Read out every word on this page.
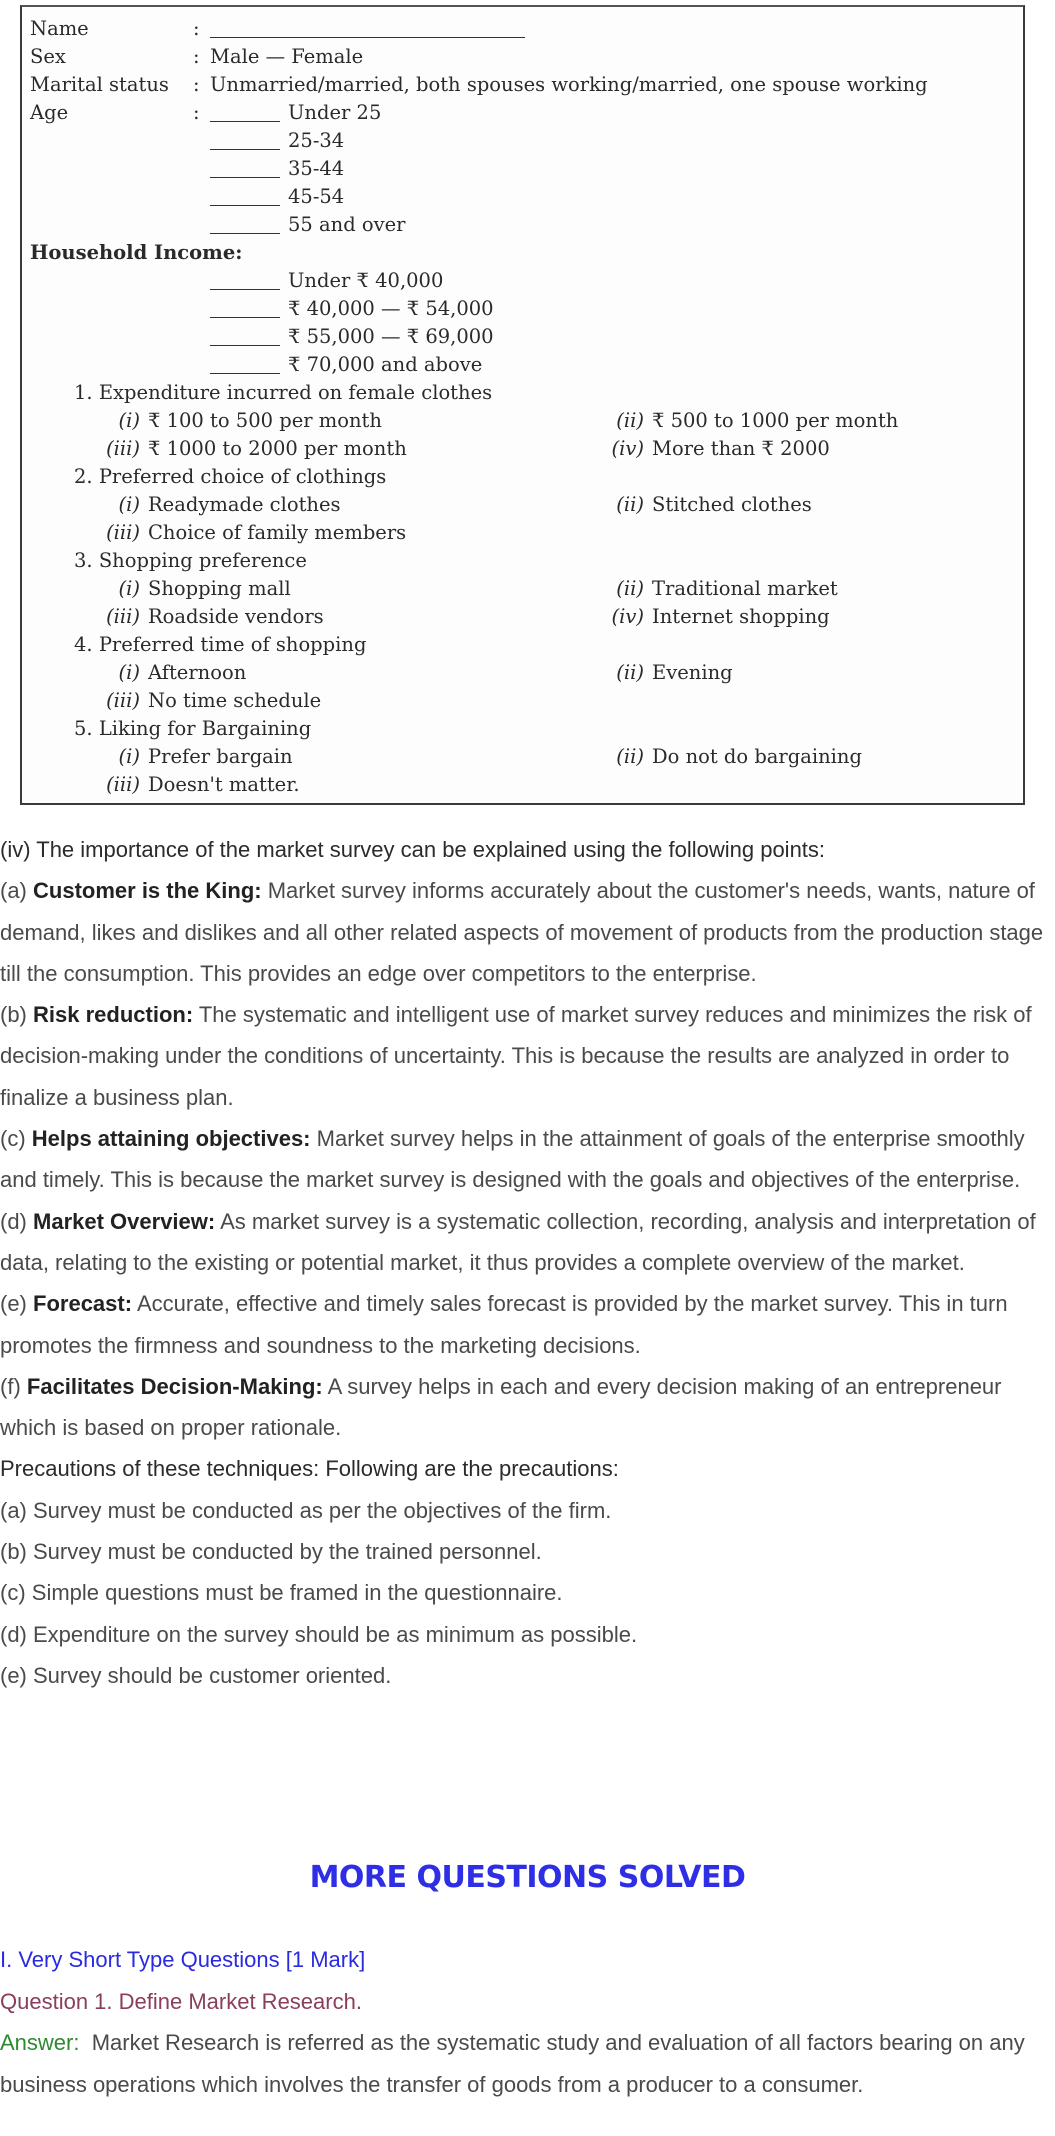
Name	:
Sex	: Male — Female
Marital status : Unmarried/married, both spouses working/married, one spouse working
Age	:	Under 25
25-34
35-44
45-54
55 and over
Household Income:
Under ₹ 40,000
₹ 40,000 — ₹ 54,000
₹ 55,000 — ₹ 69,000
₹ 70,000 and above
1. Expenditure incurred on female clothes
(i) ₹ 100 to 500 per month	(ii) ₹ 500 to 1000 per month
(iii) ₹ 1000 to 2000 per month	(iv) More than ₹ 2000
2. Preferred choice of clothings
(i) Readymade clothes	(ii) Stitched clothes
(iii) Choice of family members
3. Shopping preference
(i) Shopping mall	(ii) Traditional market
(iii) Roadside vendors	(iv) Internet shopping
4. Preferred time of shopping
(i) Afternoon	(ii) Evening
(iii) No time schedule
5. Liking for Bargaining
(i) Prefer bargain	(ii) Do not do bargaining
(iii) Doesn't matter.

(iv) The importance of the market survey can be explained using the following points:

(a) Customer is the King: Market survey informs accurately about the customer's needs, wants, nature of demand, likes and dislikes and all other related aspects of movement of products from the production stage till the consumption. This provides an edge over competitors to the enterprise.

(b) Risk reduction: The systematic and intelligent use of market survey reduces and minimizes the risk of decision-making under the conditions of uncertainty. This is because the results are analyzed in order to finalize a business plan.

(c) Helps attaining objectives: Market survey helps in the attainment of goals of the enterprise smoothly and timely. This is because the market survey is designed with the goals and objectives of the enterprise.

(d) Market Overview: As market survey is a systematic collection, recording, analysis and interpretation of data, relating to the existing or potential market, it thus provides a complete overview of the market.

(e) Forecast: Accurate, effective and timely sales forecast is provided by the market survey. This in turn promotes the firmness and soundness to the marketing decisions.

(f) Facilitates Decision-Making: A survey helps in each and every decision making of an entrepreneur which is based on proper rationale.

Precautions of these techniques: Following are the precautions:

(a) Survey must be conducted as per the objectives of the firm.

(b) Survey must be conducted by the trained personnel.

(c) Simple questions must be framed in the questionnaire.

(d) Expenditure on the survey should be as minimum as possible.

(e) Survey should be customer oriented.

MORE QUESTIONS SOLVED

I. Very Short Type Questions [1 Mark]

Question 1. Define Market Research.

Answer:  Market Research is referred as the systematic study and evaluation of all factors bearing on any business operations which involves the transfer of goods from a producer to a consumer.
